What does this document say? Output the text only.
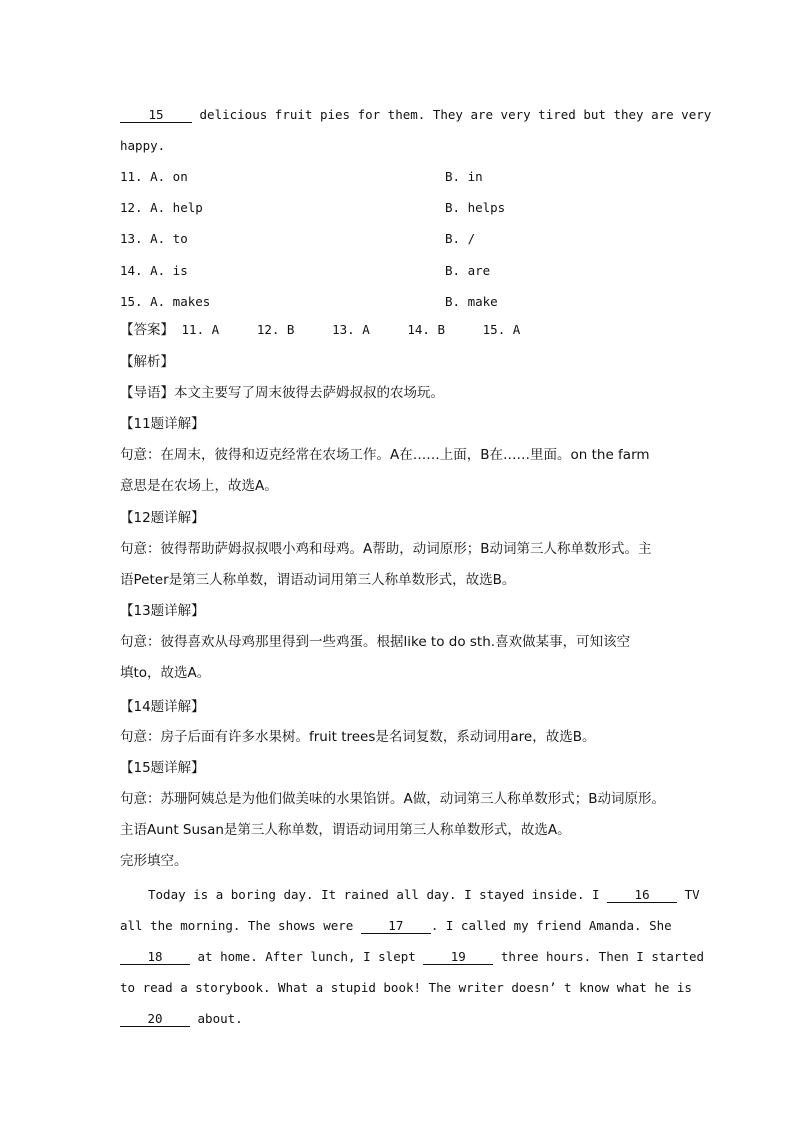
15	delicious fruit pies for them. They are very tired but they are very
happy.
11. A. on	B. in
12. A. help	B. helps
13. A. to	B. /
14. A. is	B. are
15. A. makes	B. make
【答案】 11. A	12. B	13. A	14. B	15. A
【解析】
【导语】本文主要写了周末彼得去萨姆叔叔的农场玩。
【11题详解】
句意：在周末，彼得和迈克经常在农场工作。A在……上面，B在……里面。on the farm
意思是在农场上，故选A。
【12题详解】
句意：彼得帮助萨姆叔叔喂小鸡和母鸡。A帮助，动词原形；B动词第三人称单数形式。主
语Peter是第三人称单数，谓语动词用第三人称单数形式，故选B。
【13题详解】
句意：彼得喜欢从母鸡那里得到一些鸡蛋。根据like to do sth.喜欢做某事，可知该空
填to，故选A。
【14题详解】
句意：房子后面有许多水果树。fruit trees是名词复数，系动词用are，故选B。
【15题详解】
句意：苏珊阿姨总是为他们做美味的水果馅饼。A做，动词第三人称单数形式；B动词原形。
主语Aunt Susan是第三人称单数，谓语动词用第三人称单数形式，故选A。
完形填空。
Today is a boring day. It rained all day. I stayed inside. I	16	TV
all the morning. The shows were	17 . I called my friend Amanda. She
18	at home. After lunch, I slept	19	three hours. Then I started
to read a storybook. What a stupid book! The writer doesn’ t know what he is
20	about.
